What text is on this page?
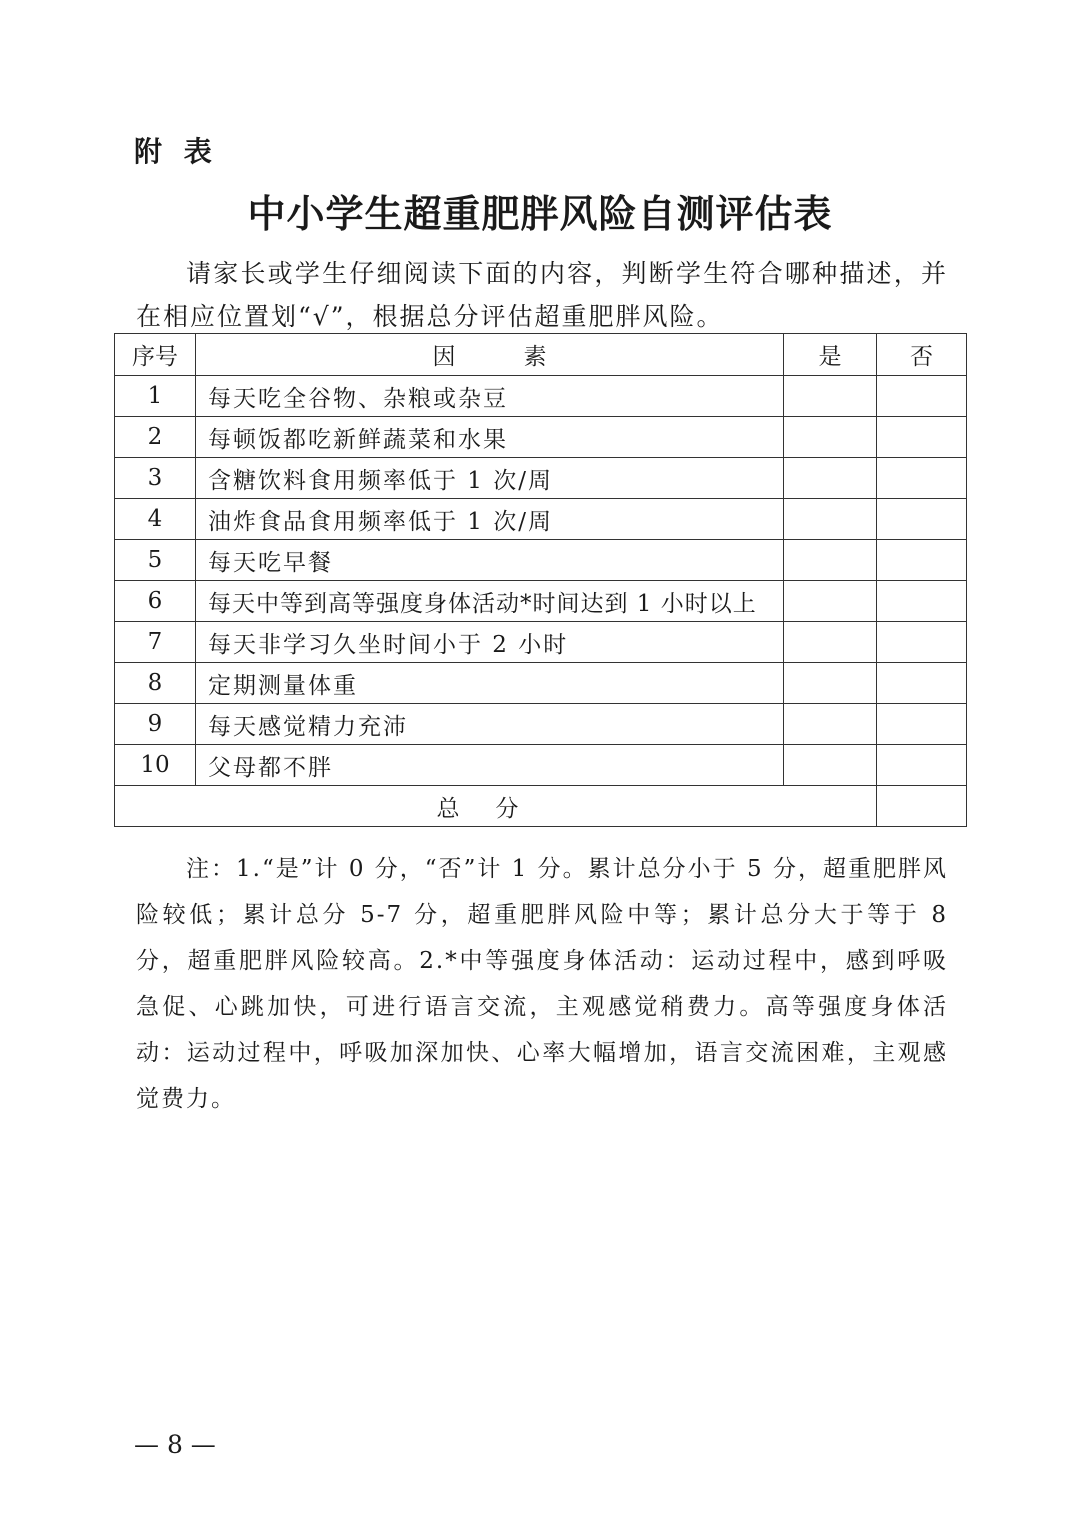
附 表

中小学生超重肥胖风险自测评估表

请家长或学生仔细阅读下面的内容，判断学生符合哪种描述，并在相应位置划“√”，根据总分评估超重肥胖风险。

序号	因 素	是	否
1	每天吃全谷物、杂粮或杂豆		
2	每顿饭都吃新鲜蔬菜和水果		
3	含糖饮料食用频率低于 1 次/周		
4	油炸食品食用频率低于 1 次/周		
5	每天吃早餐		
6	每天中等到高等强度身体活动*时间达到 1 小时以上		
7	每天非学习久坐时间小于 2 小时		
8	定期测量体重		
9	每天感觉精力充沛		
10	父母都不胖		
总分			

注：1.“是”计 0 分，“否”计 1 分。累计总分小于 5 分，超重肥胖风险较低；累计总分 5-7 分，超重肥胖风险中等；累计总分大于等于 8 分，超重肥胖风险较高。2.*中等强度身体活动：运动过程中，感到呼吸急促、心跳加快，可进行语言交流，主观感觉稍费力。高等强度身体活动：运动过程中，呼吸加深加快、心率大幅增加，语言交流困难，主观感觉费力。

— 8 —
